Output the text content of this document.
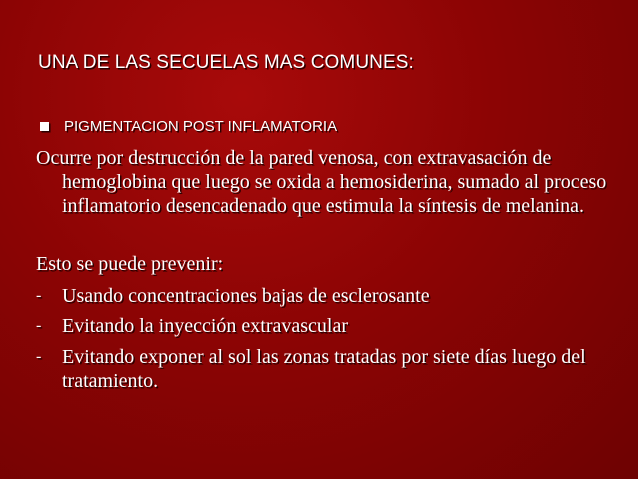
UNA DE LAS SECUELAS MAS COMUNES:
PIGMENTACION POST INFLAMATORIA
Ocurre por destrucción de la pared venosa, con extravasación de hemoglobina que luego se oxida a hemosiderina, sumado al proceso inflamatorio desencadenado que estimula la síntesis de melanina.
Esto se puede prevenir:
-	Usando concentraciones bajas de esclerosante
-	Evitando la inyección extravascular
-	Evitando exponer al sol las zonas tratadas por siete días luego del tratamiento.
